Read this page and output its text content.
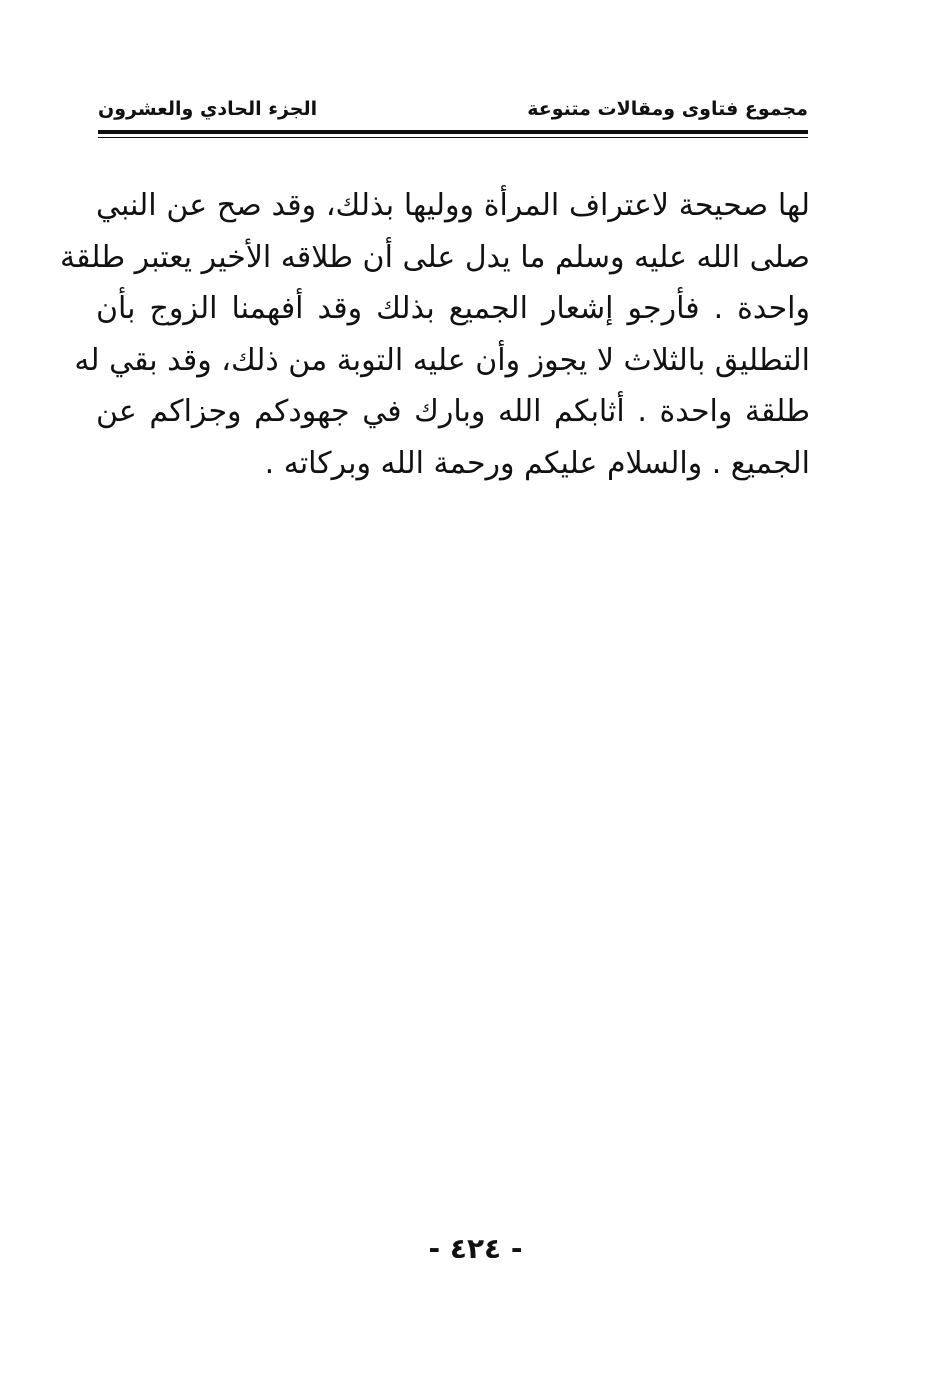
مجموع فتاوى ومقالات متنوعة
الجزء الحادي والعشرون
لها صحيحة لاعتراف المرأة ووليها بذلك، وقد صح عن النبي
صلى الله عليه وسلم ما يدل على أن طلاقه الأخير يعتبر طلقة
واحدة . فأرجو إشعار الجميع بذلك وقد أفهمنا الزوج بأن
التطليق بالثلاث لا يجوز وأن عليه التوبة من ذلك، وقد بقي له
طلقة واحدة . أثابكم الله وبارك في جهودكم وجزاكم عن
الجميع . والسلام عليكم ورحمة الله وبركاته .
- ٤٢٤ -
